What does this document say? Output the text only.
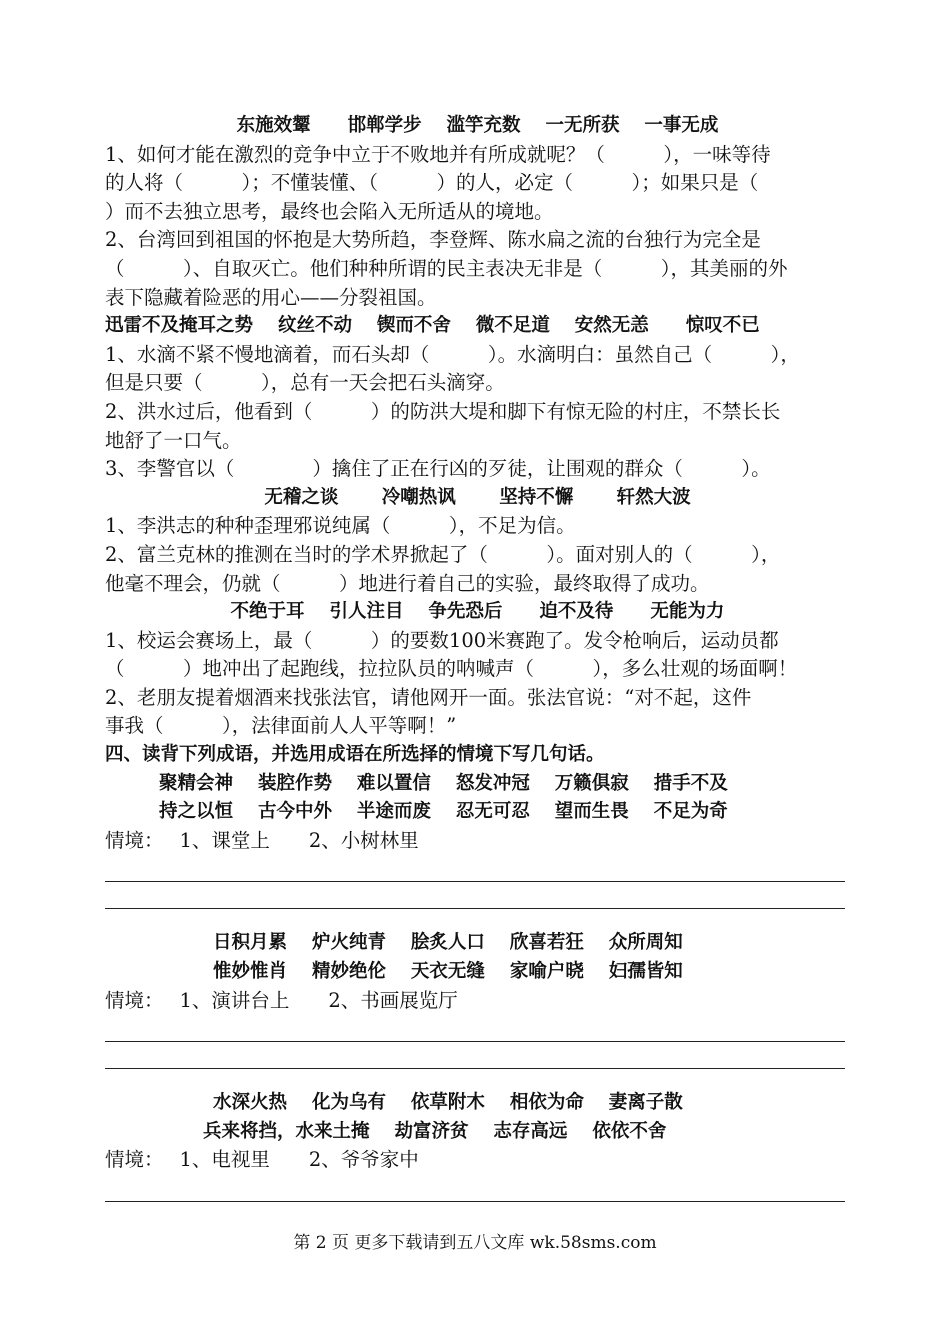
东施效颦　　邯郸学步　 滥竽充数　 一无所获　 一事无成

1、如何才能在激烈的竞争中立于不败地并有所成就呢？（　　　），一味等待

的人将（　　　）；不懂装懂、（　　　）的人，必定（　　　）；如果只是（

）而不去独立思考，最终也会陷入无所适从的境地。

2、台湾回到祖国的怀抱是大势所趋，李登辉、陈水扁之流的台独行为完全是

（　　　）、自取灭亡。他们种种所谓的民主表决无非是（　　　），其美丽的外

表下隐藏着险恶的用心——分裂祖国。

迅雷不及掩耳之势　 纹丝不动　 锲而不舍　 微不足道　 安然无恙　　惊叹不已

1、水滴不紧不慢地滴着，而石头却（　　　）。水滴明白：虽然自己（　　　），

但是只要（　　　），总有一天会把石头滴穿。

2、洪水过后，他看到（　　　）的防洪大堤和脚下有惊无险的村庄，不禁长长

地舒了一口气。

3、李警官以（　　　　）擒住了正在行凶的歹徒，让围观的群众（　　　）。

无稽之谈　　 冷嘲热讽　　 坚持不懈　　 轩然大波

1、李洪志的种种歪理邪说纯属（　　　），不足为信。

2、富兰克林的推测在当时的学术界掀起了（　　　）。面对别人的（　　　），

他毫不理会，仍就（　　　）地进行着自己的实验，最终取得了成功。

不绝于耳　 引人注目　 争先恐后　　迫不及待　　无能为力

1、校运会赛场上，最（　　　）的要数100米赛跑了。发令枪响后，运动员都

（　　　）地冲出了起跑线，拉拉队员的呐喊声（　　　），多么壮观的场面啊！

2、老朋友提着烟酒来找张法官，请他网开一面。张法官说：“对不起，这件

事我（　　　），法律面前人人平等啊！”

四、读背下列成语，并选用成语在所选择的情境下写几句话。

聚精会神　 装腔作势　 难以置信　 怒发冲冠　 万籁俱寂　 措手不及

持之以恒　 古今中外　 半途而废　 忍无可忍　 望而生畏　 不足为奇

情境：　 1、课堂上　　2、小树林里

日积月累　 炉火纯青　 脍炙人口　 欣喜若狂　 众所周知

惟妙惟肖　 精妙绝伦　 天衣无缝　 家喻户晓　 妇孺皆知

情境：　 1、演讲台上　　2、书画展览厅

水深火热　 化为乌有　 依草附木　 相依为命　 妻离子散

兵来将挡，水来土掩　 劫富济贫　 志存高远　 依依不舍

情境：　 1、电视里　　2、爷爷家中

第 2 页 更多下载请到五八文库 wk.58sms.com
